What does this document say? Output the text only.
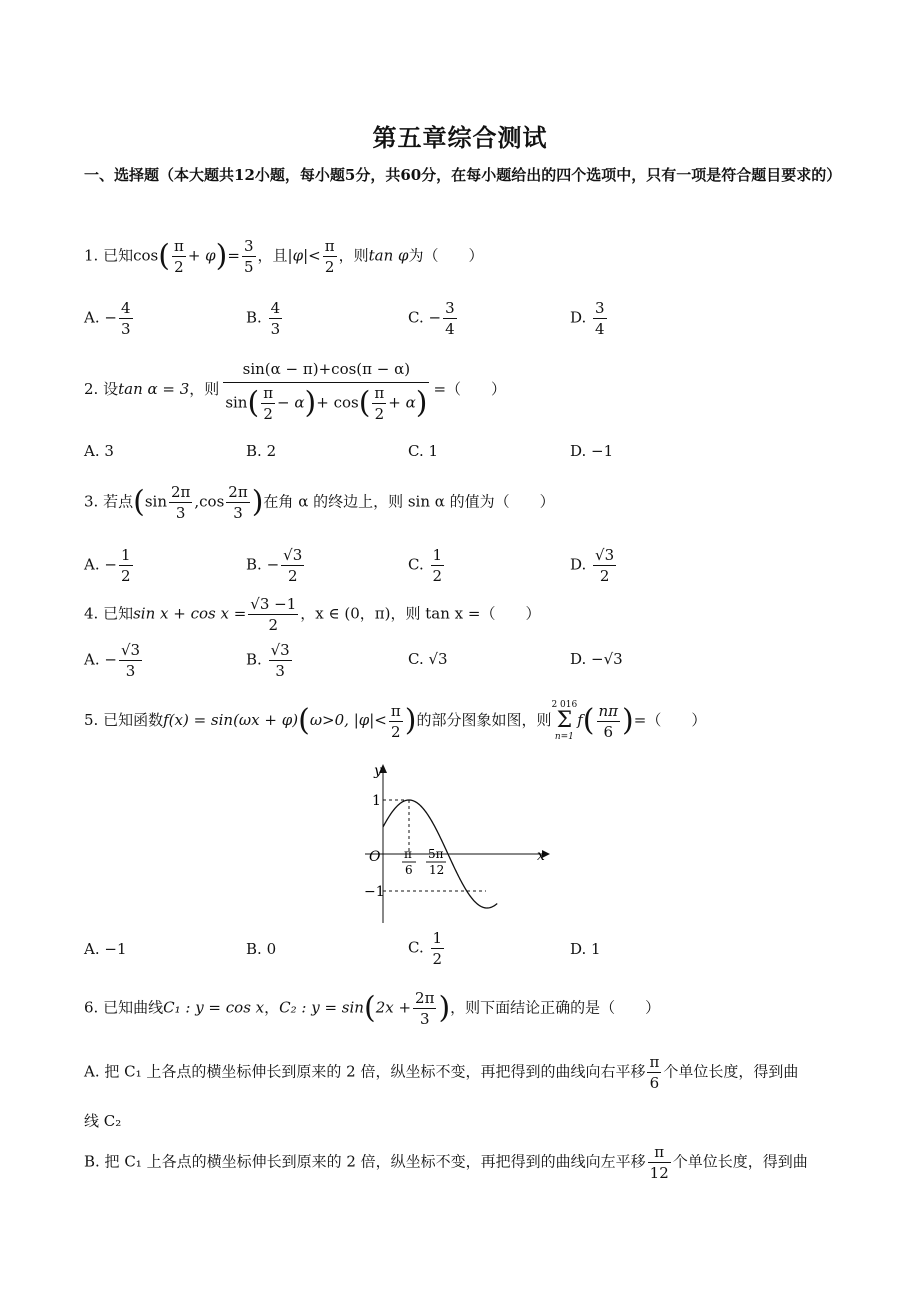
第五章综合测试
一、选择题（本大题共12小题，每小题5分，共60分，在每小题给出的四个选项中，只有一项是符合题目要求的）
1. 已知$\cos( \frac{\pi}{2} + \varphi)= \frac{3}{5}$ ，且$|\varphi|< \frac{\pi}{2}$ ，则tan φ为（　　）
A. − $\frac{4}{3}$	B. $\frac{4}{3}$	C. − $\frac{3}{4}$	D. $\frac{3}{4}$
2. 设tan α = 3，则 $\frac{\sin(\alpha - \pi)+\cos(\pi - \alpha)}{\sin( \frac{\pi}{2} - \alpha)+ \cos( \frac{\pi}{2} + \alpha)}$ =（　　）
A. 3	B. 2	C. 1	D. −1
3. 若点($\sin \frac{2\pi}{3} ,\cos \frac{2\pi}{3}$ )在角 α 的终边上，则 sin α 的值为（　　）
A. − $\frac{1}{2}$	B. − $\frac{√3}{2}$	C. $\frac{1}{2}$	D. $\frac{√3}{2}$
4. 已知$\sin x + \cos x = \frac{√3 -1}{2}$ ，x ∈ (0，π)，则 tan x =（　　）
A. − $\frac{√3}{3}$	B. $\frac{√3}{3}$	C. √3	D. −√3
5. 已知函数f(x) = sin(ωx + φ)(ω>0, $|\varphi|< \frac{\pi}{2}$ )的部分图象如图，则2 016
Σ
$n=1f( \frac{n\pi}{6}$ )=（　　）
y
x
O
1
−1
π
6
5π
12
A. −1	B. 0	C. $\frac{1}{2}$	D. 1
6. 已知曲线C₁ : y = cos x，C₂ : $y = \sin(2x + \frac{2\pi}{3}$ )，则下面结论正确的是（　　）
A. 把 C₁ 上各点的横坐标伸长到原来的 2 倍，纵坐标不变，再把得到的曲线向右平移 $\frac{\pi}{6}$ 个单位长度，得到曲
线 C₂
B. 把 C₁ 上各点的横坐标伸长到原来的 2 倍，纵坐标不变，再把得到的曲线向左平移 $\frac{\pi}{12}$ 个单位长度，得到曲
